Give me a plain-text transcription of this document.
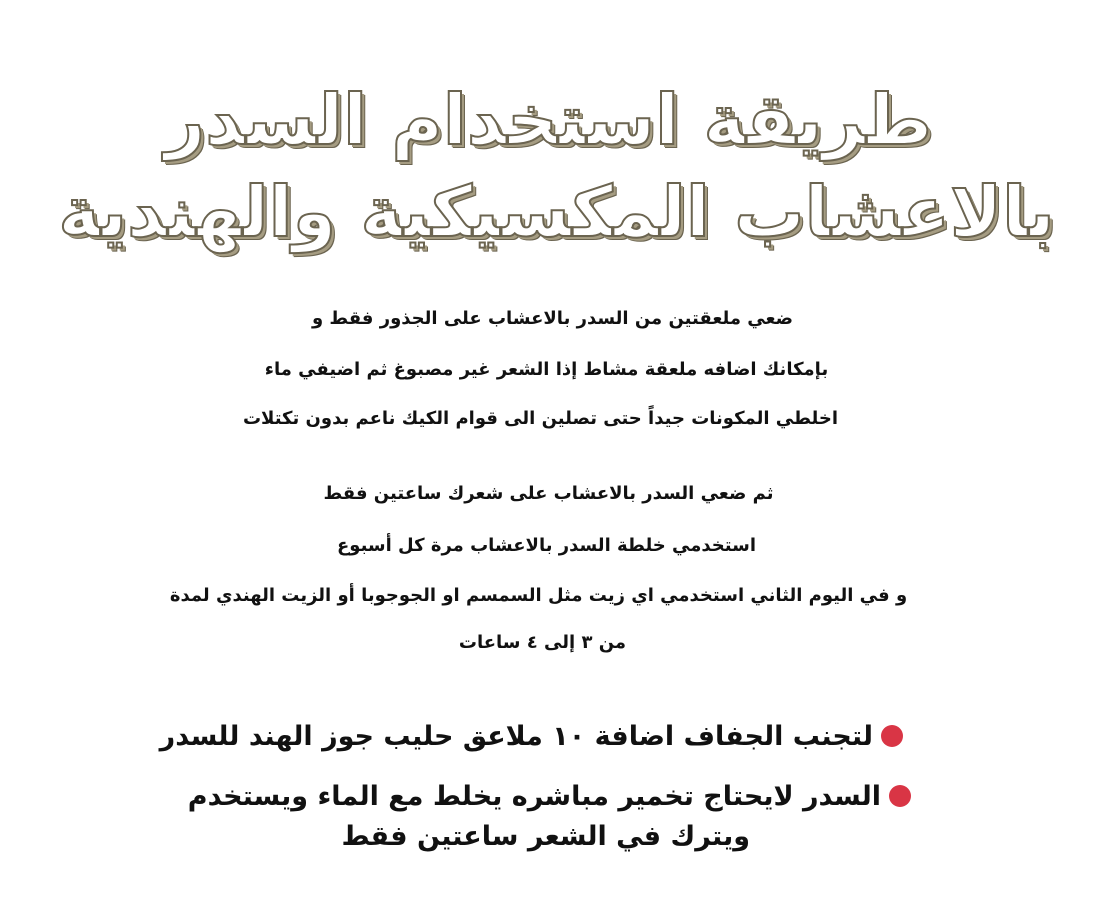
طريقة استخدام السدر
بالاعشاب المكسيكية والهندية
ضعي ملعقتين من السدر بالاعشاب على الجذور فقط و
بإمكانك اضافه ملعقة مشاط إذا الشعر غير مصبوغ ثم اضيفي ماء
اخلطي المكونات جيداً حتى تصلين الى قوام الكيك ناعم بدون تكتلات
ثم ضعي السدر بالاعشاب على شعرك ساعتين فقط
استخدمي خلطة السدر بالاعشاب مرة كل أسبوع
و في اليوم الثاني استخدمي اي زيت مثل السمسم او الجوجوبا أو الزيت الهندي لمدة
من ٣ إلى ٤ ساعات
لتجنب الجفاف اضافة ١٠ ملاعق حليب جوز الهند للسدر
السدر لايحتاج تخمير مباشره يخلط مع الماء ويستخدم
ويترك في الشعر ساعتين فقط
